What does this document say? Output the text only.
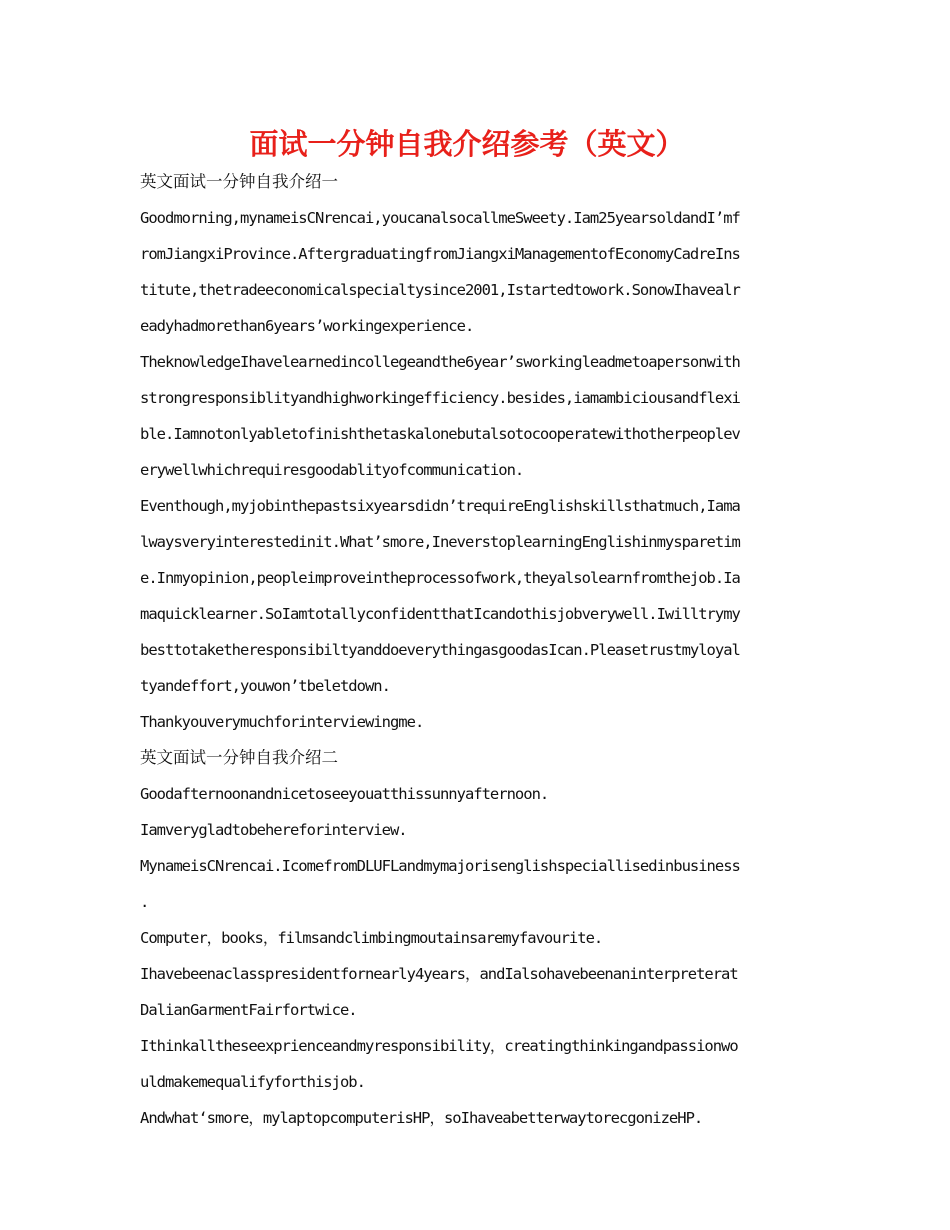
面试一分钟自我介绍参考（英文）
英文面试一分钟自我介绍一
Goodmorning,mynameisCNrencai,youcanalsocallmeSweety.Iam25yearsoldandI’mf
romJiangxiProvince.AftergraduatingfromJiangxiManagementofEconomyCadreIns
titute,thetradeeconomicalspecialtysince2001,Istartedtowork.SonowIhavealr
eadyhadmorethan6years’workingexperience.
TheknowledgeIhavelearnedincollegeandthe6year’sworkingleadmetoapersonwith
strongresponsiblityandhighworkingefficiency.besides,iamambiciousandflexi
ble.Iamnotonlyabletofinishthetaskalonebutalsotocooperatewithotherpeoplev
erywellwhichrequiresgoodablityofcommunication.
Eventhough,myjobinthepastsixyearsdidn’trequireEnglishskillsthatmuch,Iama
lwaysveryinterestedinit.What’smore,IneverstoplearningEnglishinmysparetim
e.Inmyopinion,peopleimproveintheprocessofwork,theyalsolearnfromthejob.Ia
maquicklearner.SoIamtotallyconfidentthatIcandothisjobverywell.Iwilltrymy
besttotaketheresponsibiltyanddoeverythingasgoodasIcan.Pleasetrustmyloyal
tyandeffort,youwon’tbeletdown.
Thankyouverymuchforinterviewingme.
英文面试一分钟自我介绍二
Goodafternoonandnicetoseeyouatthissunnyafternoon.
Iamverygladtobehereforinterview.
MynameisCNrencai.IcomefromDLUFLandmymajorisenglishspeciallisedinbusiness
.
Computer，books，filmsandclimbingmoutainsaremyfavourite.
Ihavebeenaclasspresidentfornearly4years，andIalsohavebeenaninterpreterat
DalianGarmentFairfortwice.
Ithinkalltheseexprienceandmyresponsibility，creatingthinkingandpassionwo
uldmakemequalifyforthisjob.
Andwhat‘smore，mylaptopcomputerisHP，soIhaveabetterwaytorecgonizeHP.
